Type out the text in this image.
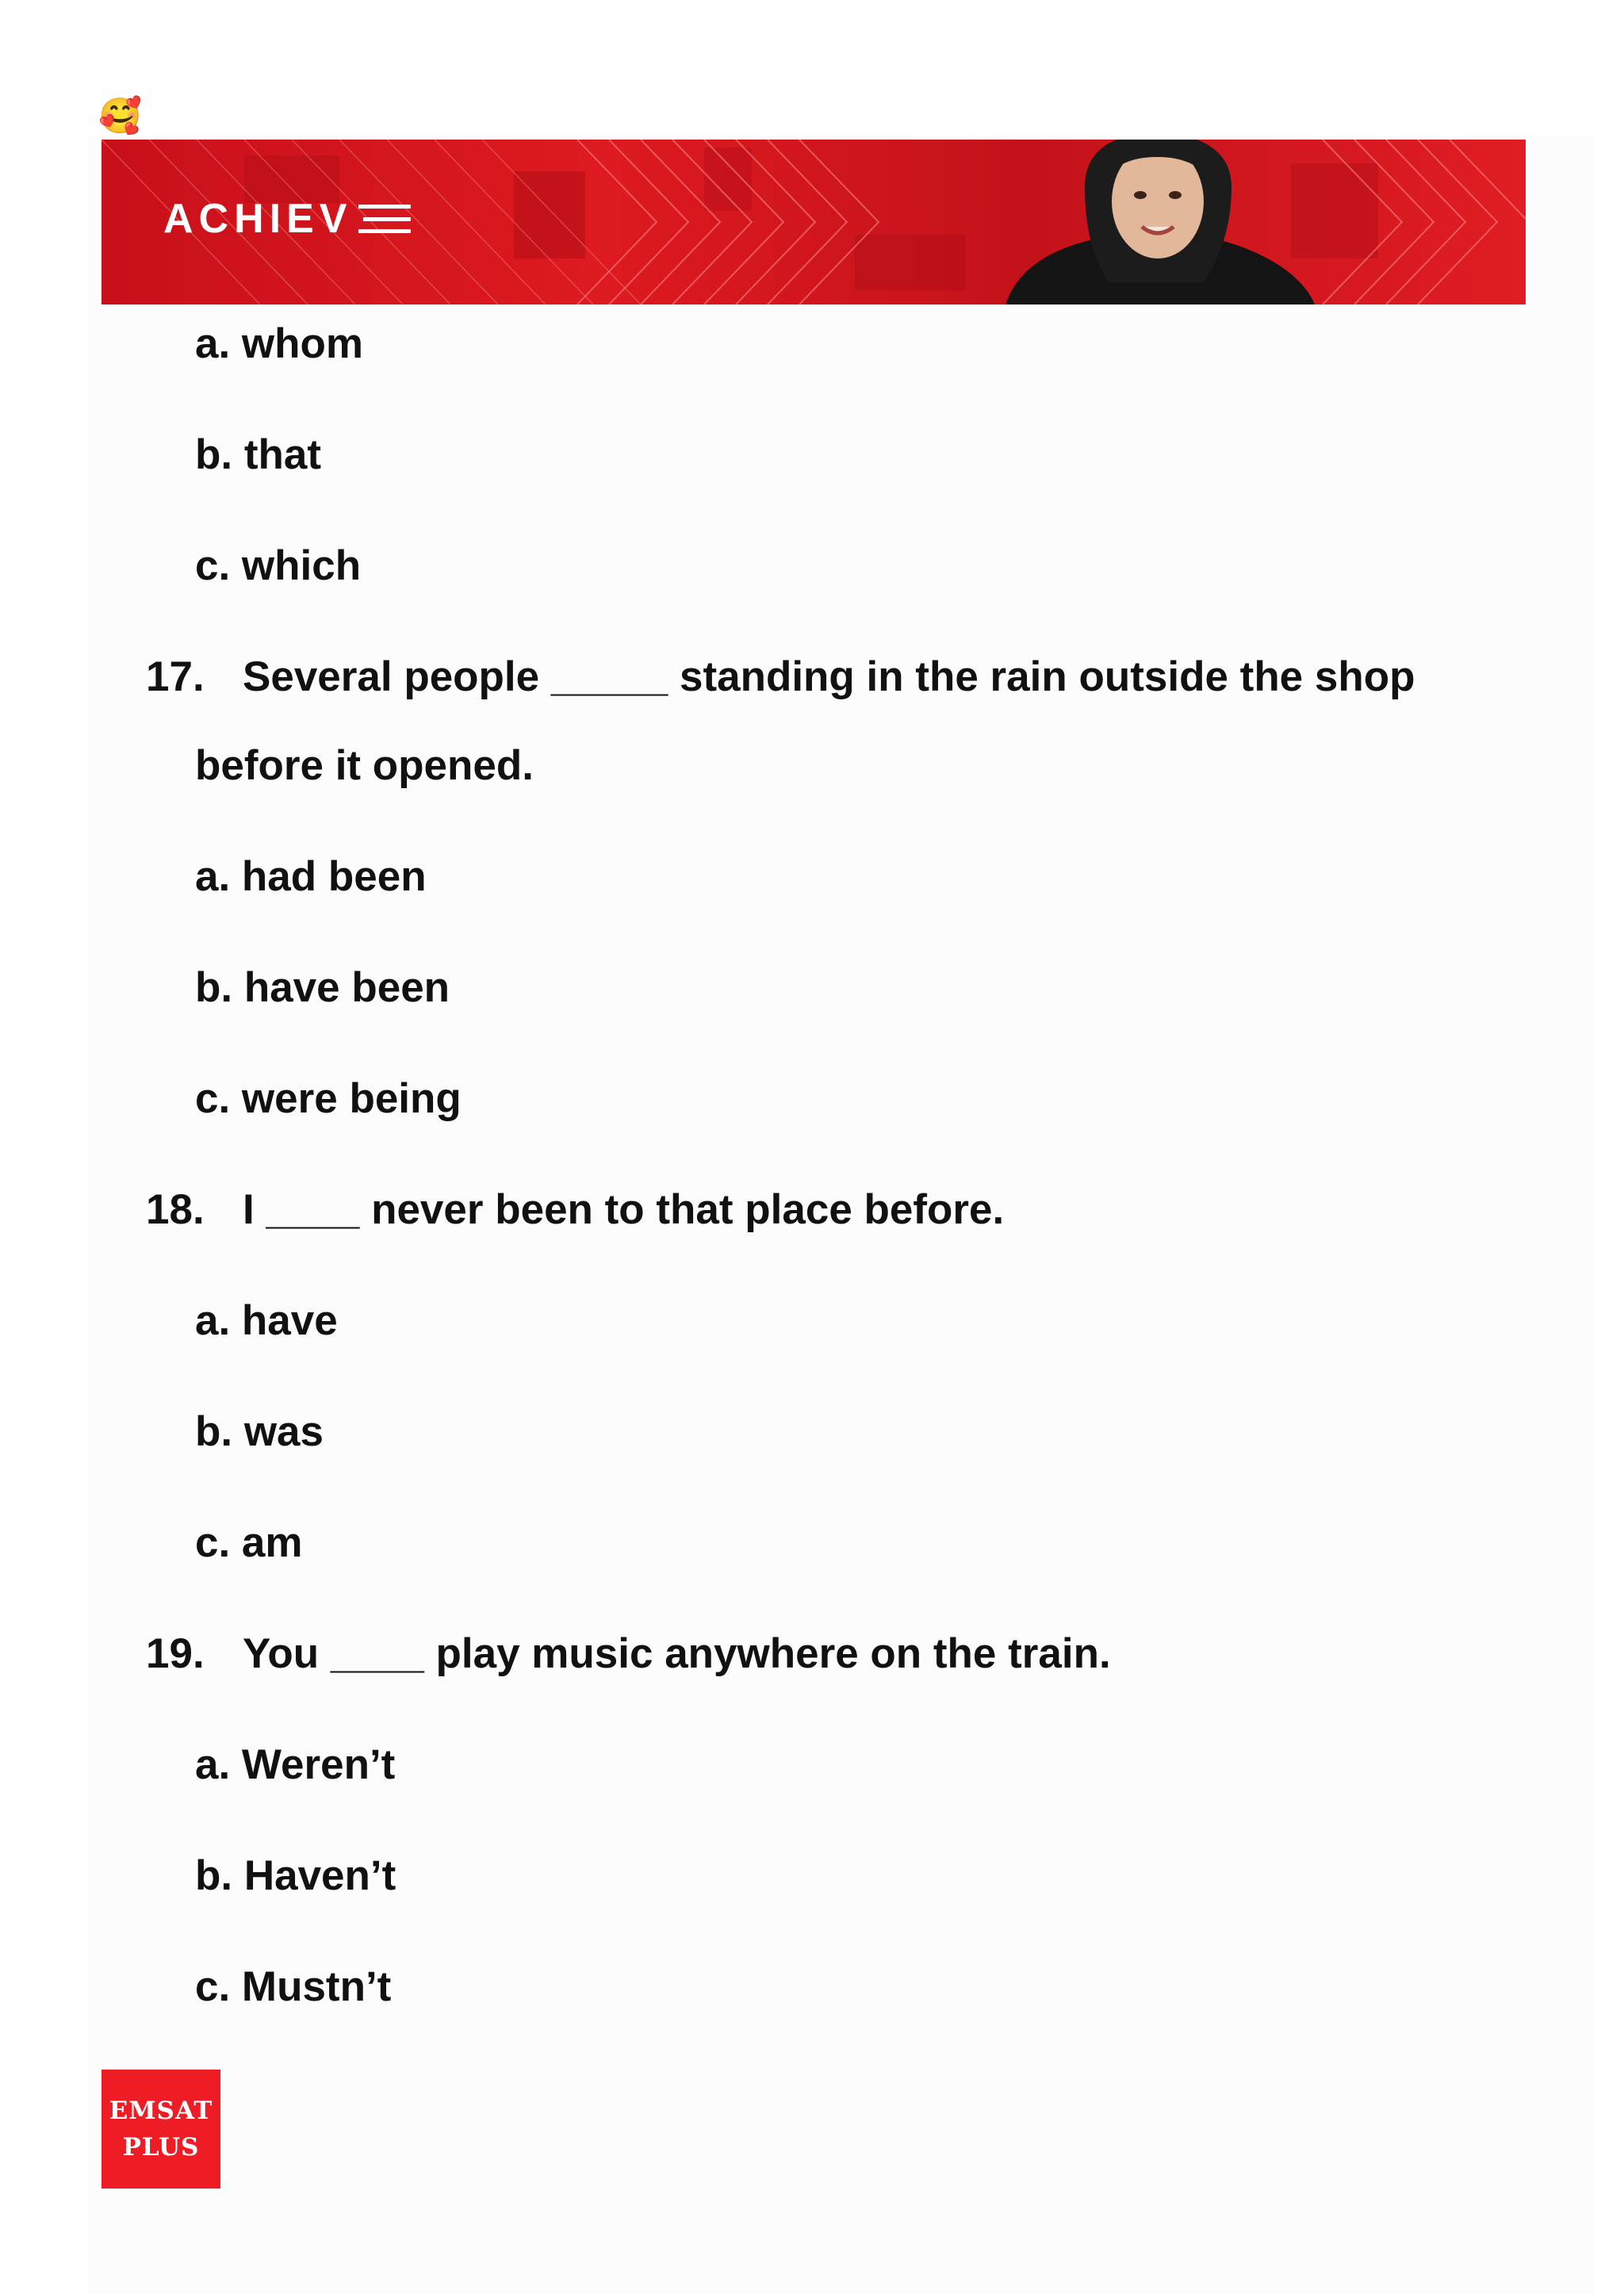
🥰
ACHIEV

a. whom

b. that

c. which

17. Several people _____ standing in the rain outside the shop

before it opened.

a. had been

b. have been

c. were being

18. I ____ never been to that place before.

a. have

b. was

c. am

19. You ____ play music anywhere on the train.

a. Weren’t

b. Haven’t

c. Mustn’t

EMSAT
PLUS
